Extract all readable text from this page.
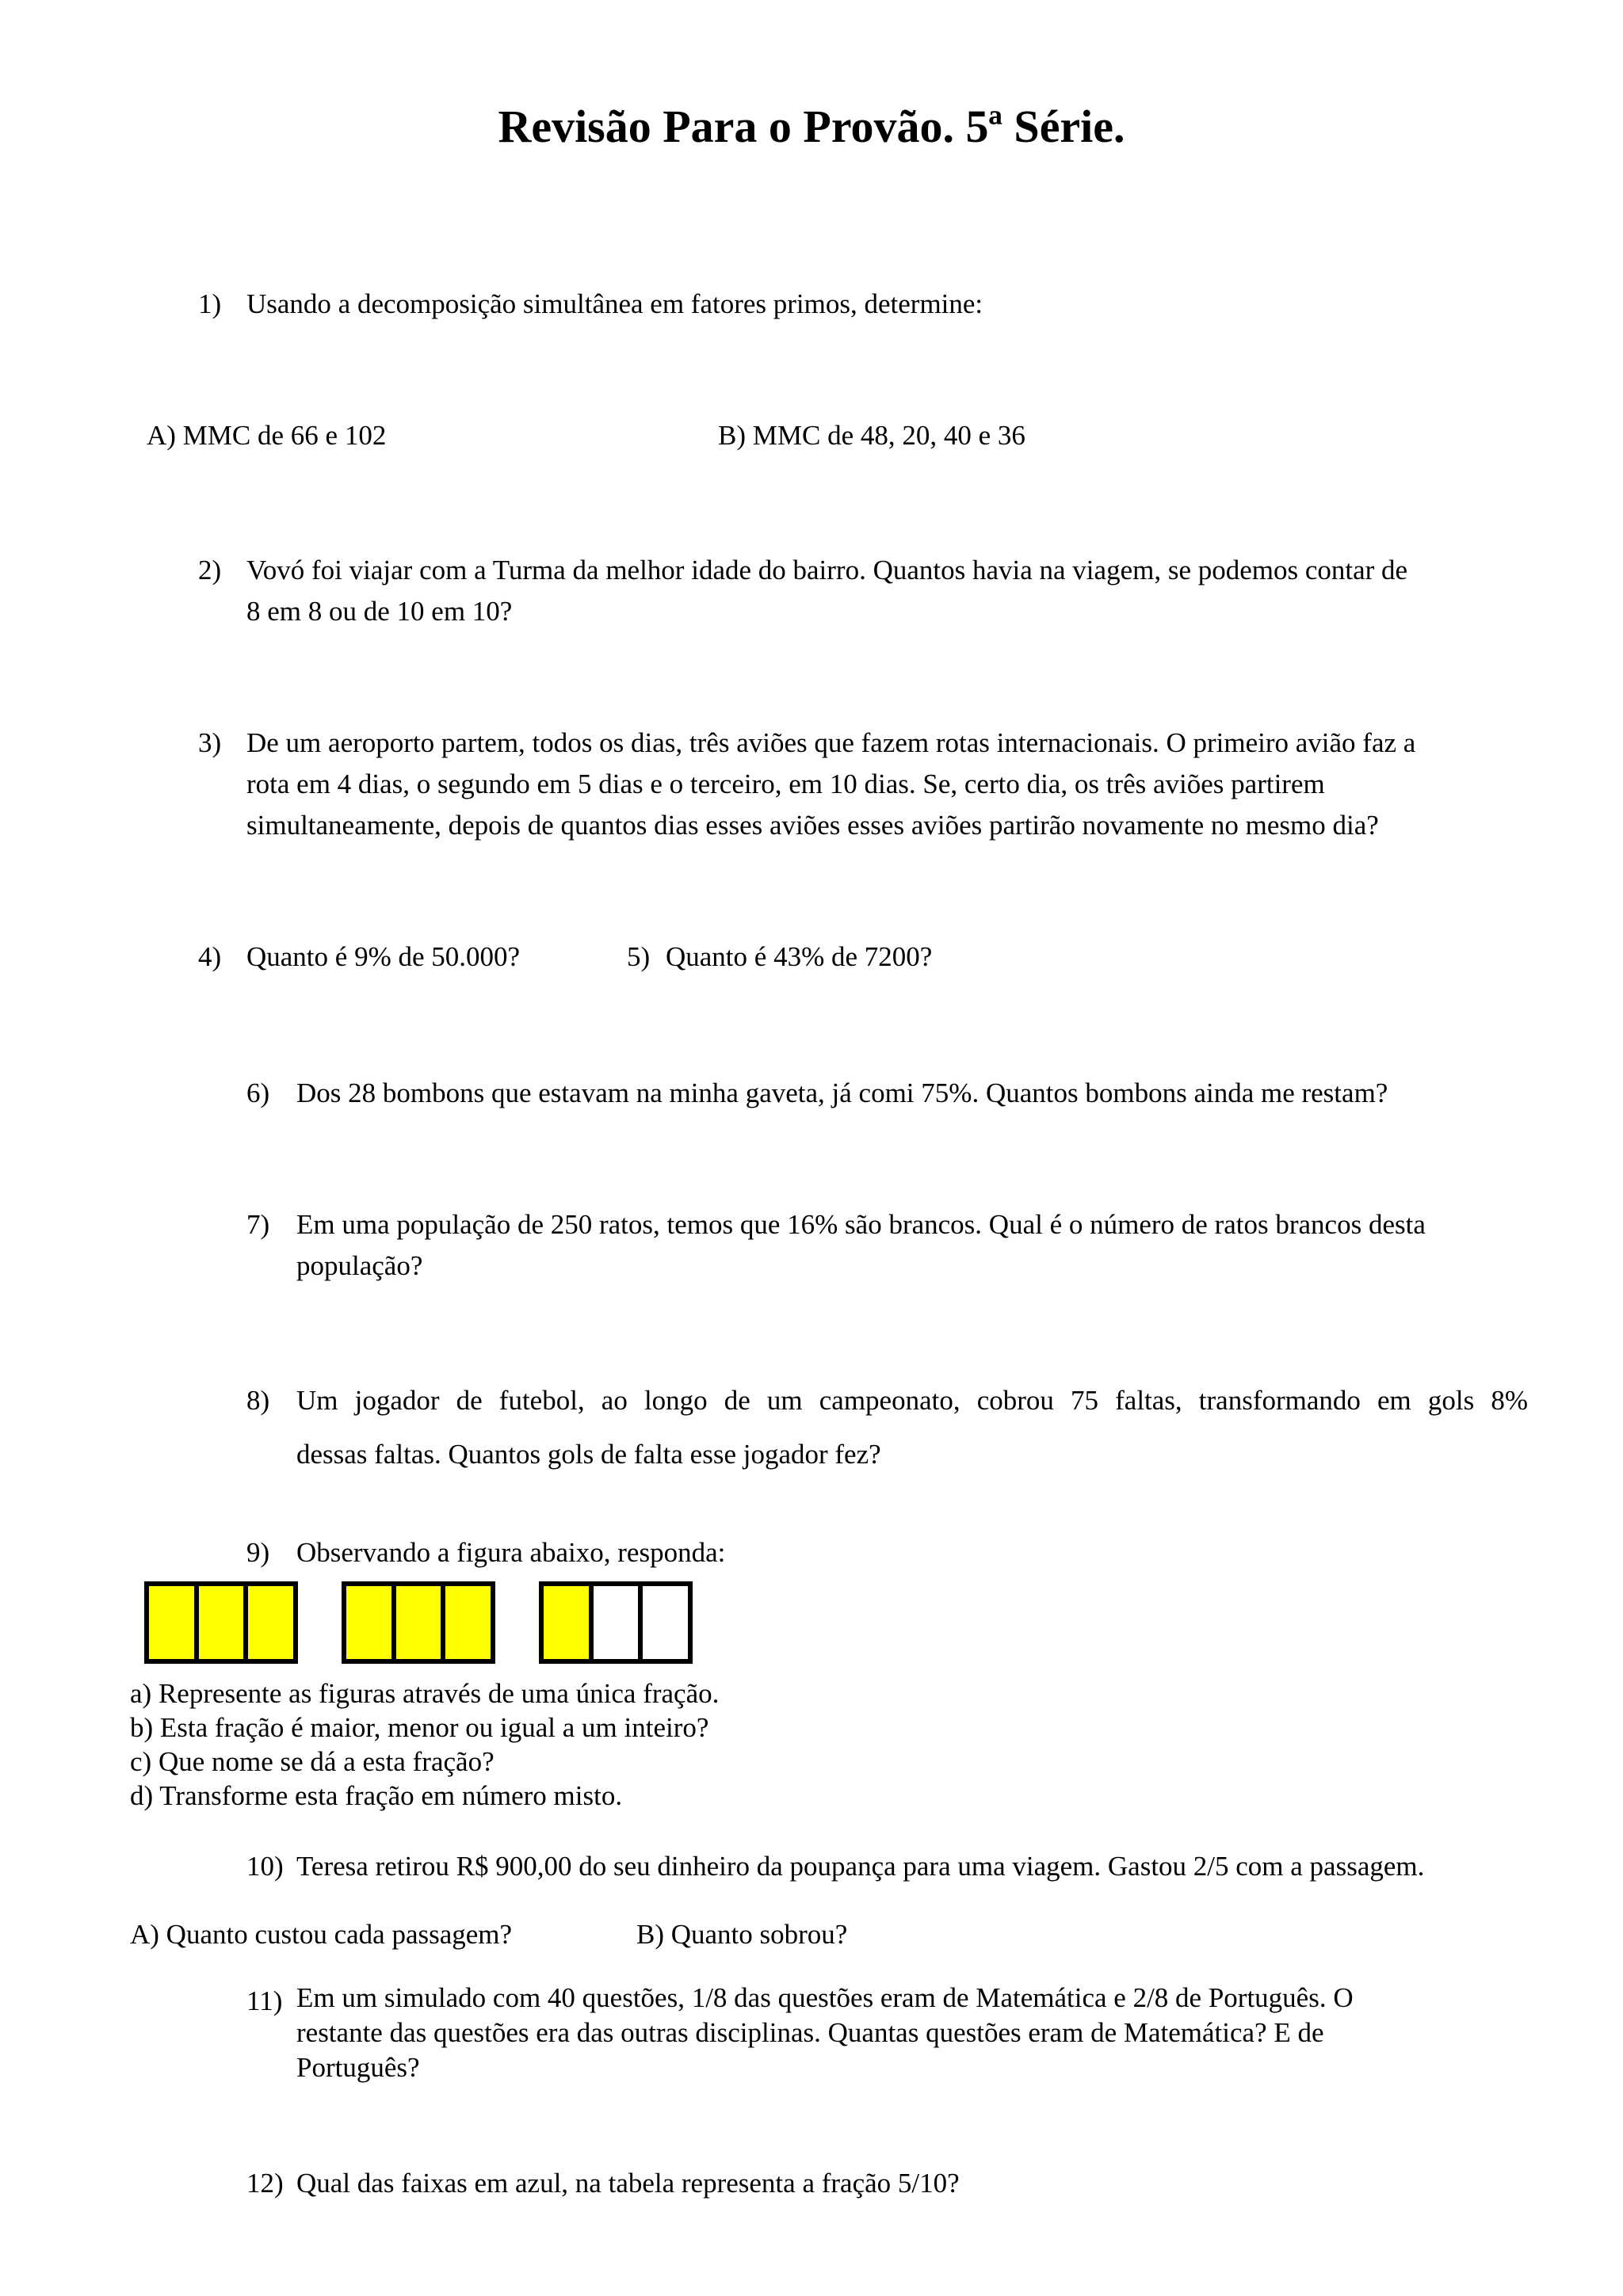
Revisão Para o Provão. 5ª Série.
1) Usando a decomposição simultânea em fatores primos, determine:
A) MMC de 66 e 102	B) MMC de 48, 20, 40 e 36
2) Vovó foi viajar com a Turma da melhor idade do bairro. Quantos havia na viagem, se podemos contar de
8 em 8 ou de 10 em 10?
3) De um aeroporto partem, todos os dias, três aviões que fazem rotas internacionais. O primeiro avião faz a
rota em 4 dias, o segundo em 5 dias e o terceiro, em 10 dias. Se, certo dia, os três aviões partirem
simultaneamente, depois de quantos dias esses aviões esses aviões partirão novamente no mesmo dia?
4) Quanto é 9% de 50.000?	5) Quanto é 43% de 7200?
6) Dos 28 bombons que estavam na minha gaveta, já comi 75%. Quantos bombons ainda me restam?
7) Em uma população de 250 ratos, temos que 16% são brancos. Qual é o número de ratos brancos desta
população?
8) Um jogador de futebol, ao longo de um campeonato, cobrou 75 faltas, transformando em gols 8%
dessas faltas. Quantos gols de falta esse jogador fez?
9) Observando a figura abaixo, responda:
a) Represente as figuras através de uma única fração.
b) Esta fração é maior, menor ou igual a um inteiro?
c) Que nome se dá a esta fração?
d) Transforme esta fração em número misto.
10) Teresa retirou R$ 900,00 do seu dinheiro da poupança para uma viagem. Gastou 2/5 com a passagem.
A) Quanto custou cada passagem?	B) Quanto sobrou?
11) Em um simulado com 40 questões, 1/8 das questões eram de Matemática e 2/8 de Português. O
restante das questões era das outras disciplinas. Quantas questões eram de Matemática? E de
Português?
12) Qual das faixas em azul, na tabela representa a fração 5/10?
